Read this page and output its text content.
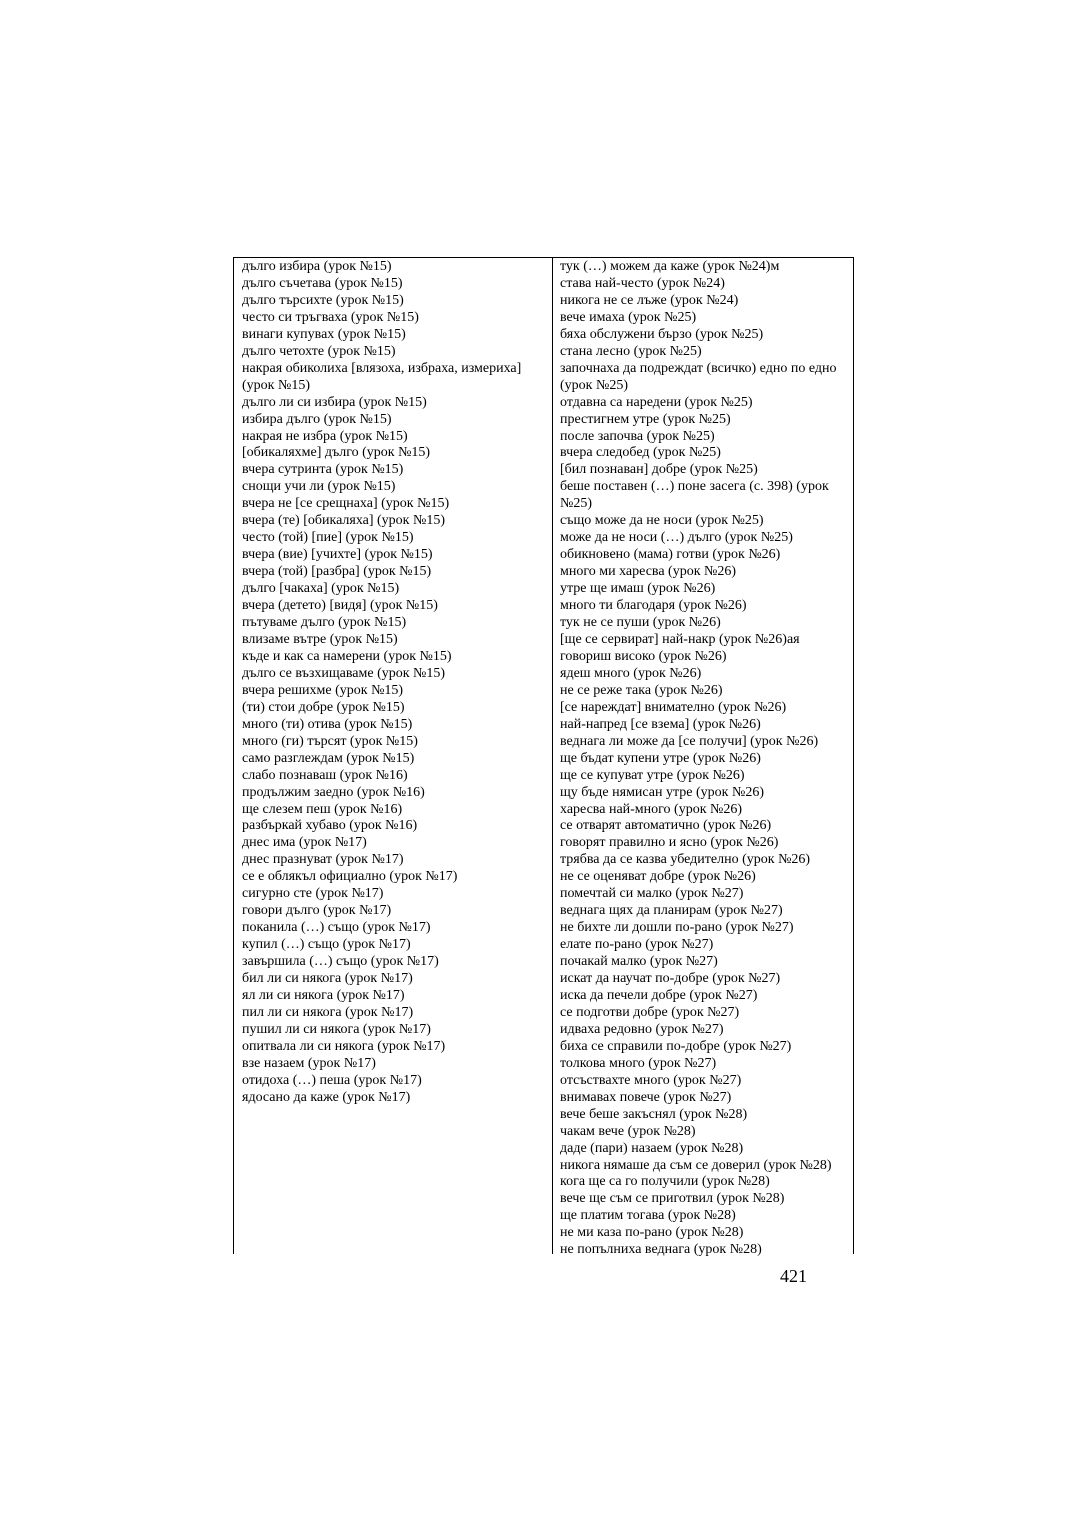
дълго избира (урок №15)
дълго съчетава (урок №15)
дълго търсихте (урок №15)
често си тръгваха (урок №15)
винаги купувах (урок №15)
дълго четохте (урок №15)
накрая обиколиха [влязоха, избраха, измериха] (урок №15)
дълго ли си избира (урок №15)
избира дълго (урок №15)
накрая не избра (урок №15)
[обикаляхме] дълго (урок №15)
вчера сутринта (урок №15)
снощи учи ли (урок №15)
вчера не [се срещнаха] (урок №15)
вчера (те) [обикаляха] (урок №15)
често (той) [пие] (урок №15)
вчера (вие) [учихте] (урок №15)
вчера (той) [разбра] (урок №15)
дълго [чакаха] (урок №15)
вчера (детето) [видя] (урок №15)
пътуваме дълго (урок №15)
влизаме вътре (урок №15)
къде и как са намерени (урок №15)
дълго се възхищаваме (урок №15)
вчера решихме (урок №15)
(ти) стои добре (урок №15)
много (ти) отива (урок №15)
много (ги) търсят (урок №15)
само разглеждам (урок №15)
слабо познаваш (урок №16)
продължим заедно (урок №16)
ще слезем пеш (урок №16)
разбъркай хубаво (урок №16)
днес има (урок №17)
днес празнуват (урок №17)
се е облякъл официално (урок №17)
сигурно сте (урок №17)
говори дълго (урок №17)
поканила (…) също (урок №17)
купил (…) също (урок №17)
завършила (…) също (урок №17)
бил ли си някога (урок №17)
ял ли си някога (урок №17)
пил ли си някога (урок №17)
пушил ли си някога (урок №17)
опитвала ли си някога (урок №17)
взе назаем (урок №17)
отидоха (…) пеша (урок №17)
ядосано да каже (урок №17)
тук (…) можем да каже (урок №24)м
става най-често (урок №24)
никога не се лъже (урок №24)
вече имаха (урок №25)
бяха обслужени бързо (урок №25)
стана лесно (урок №25)
започнаха да подреждат (всичко) едно по едно (урок №25)
отдавна са наредени (урок №25)
престигнем утре (урок №25)
после започва (урок №25)
вчера следобед (урок №25)
[бил познаван] добре (урок №25)
беше поставен (…) поне засега (с. 398) (урок №25)
също може да не носи (урок №25)
може да не носи (…) дълго (урок №25)
обикновено (мама) готви (урок №26)
много ми харесва (урок №26)
утре ще имаш (урок №26)
много ти благодаря (урок №26)
тук не се пуши (урок №26)
[ще се сервират] най-накр (урок №26)ая
говориш високо (урок №26)
ядеш много (урок №26)
не се реже така (урок №26)
[се нареждат] внимателно (урок №26)
най-напред [се взема] (урок №26)
веднага ли може да [се получи] (урок №26)
ще бъдат купени утре (урок №26)
ще се купуват утре (урок №26)
щу бъде нямисан утре (урок №26)
харесва най-много (урок №26)
се отварят автоматично (урок №26)
говорят правилно и ясно (урок №26)
трябва да се казва убедително (урок №26)
не се оценяват добре (урок №26)
помечтай си малко (урок №27)
веднага щях да планирам (урок №27)
не бихте ли дошли по-рано (урок №27)
елате по-рано (урок №27)
почакай малко (урок №27)
искат да научат по-добре (урок №27)
иска да печели добре (урок №27)
се подготви добре (урок №27)
идваха редовно (урок №27)
биха се справили по-добре (урок №27)
толкова много (урок №27)
отсъствахте много (урок №27)
внимавах повече (урок №27)
вече беше закъснял (урок №28)
чакам вече (урок №28)
даде (пари) назаем (урок №28)
никога нямаше да съм се доверил (урок №28)
кога ще са го получили (урок №28)
вече ще съм се приготвил (урок №28)
ще платим тогава (урок №28)
не ми каза по-рано (урок №28)
не попълниха веднага (урок №28)
421
